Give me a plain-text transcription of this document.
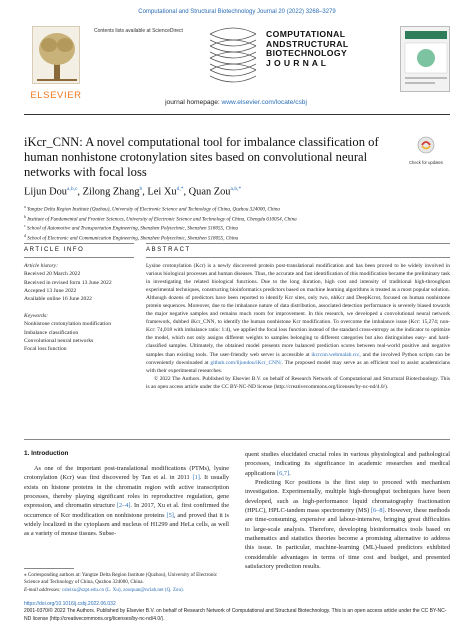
Computational and Structural Biotechnology Journal 20 (2022) 3268–3279
ELSEVIER
Contents lists available at ScienceDirect	COMPUTATIONAL
ANDSTRUCTURAL
BIOTECHNOLOGY
J O U R N A L
journal homepage: www.elsevier.com/locate/csbj
iKcr_CNN: A novel computational tool for imbalance classification of human nonhistone crotonylation sites based on convolutional neural networks with focal loss
Check for updates
Lijun Dou$^{a,b,c}$, Zilong Zhang$^b$, Lei $Xu^{d,*}$, Quan Zou$^{a,b,*}$
$^a$ Yangtze Delta Region Institute (Quzhou), University of Electronic Science and Technology of China, Quzhou 324000, China
$^b$ Institute of Fundamental and Frontier Sciences, University of Electronic Science and Technology of China, Chengdu 610054, China
$^c$ School of Automotive and Transportation Engineering, Shenzhen Polytechnic, Shenzhen 518055, China
$^d$ School of Electronic and Communication Engineering, Shenzhen Polytechnic, Shenzhen 518055, China
ARTICLE INFO	ABSTRACT
Article history:
Received 20 March 2022
Received in revised form 13 June 2022
Accepted 13 June 2022
Available online 16 June 2022
Keywords:
Nonhistone crotonylation modification
Imbalance classification
Convolutional neural networks
Focal loss function
Lysine crotonylation (Kcr) is a newly discovered protein post-translational modification and has been proved to be widely involved in various biological processes and human diseases. Thus, the accurate and fast identification of this modification became the preliminary task in investigating the related biological functions. Due to the long duration, high cost and intensity of traditional high-throughput experimental techniques, constructing bioinformatics predictors based on machine learning algorithms is treated as a most popular solution. Although dozens of predictors have been reported to identify Kcr sites, only two, nhKcr and DeepKcrot, focused on human nonhistone protein sequences. Moreover, due to the imbalance nature of data distribution, associated detection performance is severely biased towards the major negative samples and remains much room for improvement. In this research, we developed a convolutional neural network framework, dubbed iKcr_CNN, to identify the human nonhistone Kcr modification. To overcome the imbalance issue (Kcr: 15,274; non-Kcr: 74,018 with imbalance ratio: 1:4), we applied the focal loss function instead of the standard cross-entropy as the indicator to optimize the model, which not only assigns different weights to samples belonging to different categories but also distinguishes easy- and hard-classified samples. Ultimately, the obtained model presents more balanced prediction scores between real-world positive and negative samples than existing tools. The user-friendly web server is accessible at ikcrcnn.webmalab.cn/, and the involved Python scripts can be conveniently downloaded at github.com/lijundou/iKcr_CNN/. The proposed model may serve as an efficient tool to assist academicians with their experimental researches.
© 2022 The Authors. Published by Elsevier B.V. on behalf of Research Network of Computational and Structural Biotechnology. This is an open access article under the CC BY-NC-ND license (http://creativecommons.org/licenses/by-nc-nd/4.0/).
1. Introduction

As one of the important post-translational modifications (PTMs), lysine crotonylation (Kcr) was first discovered by Tan et al. in 2011 [1]. It usually exists on histone proteins in the chromatin region with active transcription processes, thereby playing significant roles in reproductive regulation, gene expression, and chromatin structure [2–4]. In 2017, Xu et al. first confirmed the occurrence of Kcr modification on nonhistone proteins [5], and proved that it is widely localized in the cytoplasm and nucleus of H1299 and HeLa cells, as well as a variety of mouse tissues. Subse-

quent studies elucidated crucial roles in various physiological and pathological processes, indicating its significance in academic researches and medical applications [6,7].

Predicting Kcr positions is the first step to proceed with mechanism investigation. Experimentally, multiple high-throughput techniques have been developed, such as high-performance liquid chromatography fractionation (HPLC), HPLC-tandem mass spectrometry (MS) [6–8]. However, these methods are time-consuming, expensive and labour-intensive, bringing great difficulties to large-scale analysis. Therefore, developing bioinformatics tools based on mathematics and statistics theories become a promising alternative to address this issue. In particular, machine-learning (ML)-based predictors exhibited considerable advantages in terms of time cost and budget, and presented satisfactory prediction results.

⁎ Corresponding authors at: Yangtze Delta Region Institute (Quzhou), University of Electronic Science and Technology of China, Quzhou 324000, China.
E-mail addresses: csleixu@szpt.edu.cn (L. Xu), zouquan@nclab.net (Q. Zou).
https://doi.org/10.1016/j.csbj.2022.06.032
2001-0370/© 2022 The Authors. Published by Elsevier B.V. on behalf of Research Network of Computational and Structural Biotechnology. This is an open access article under the CC BY-NC-ND license (http://creativecommons.org/licenses/by-nc-nd/4.0/).
